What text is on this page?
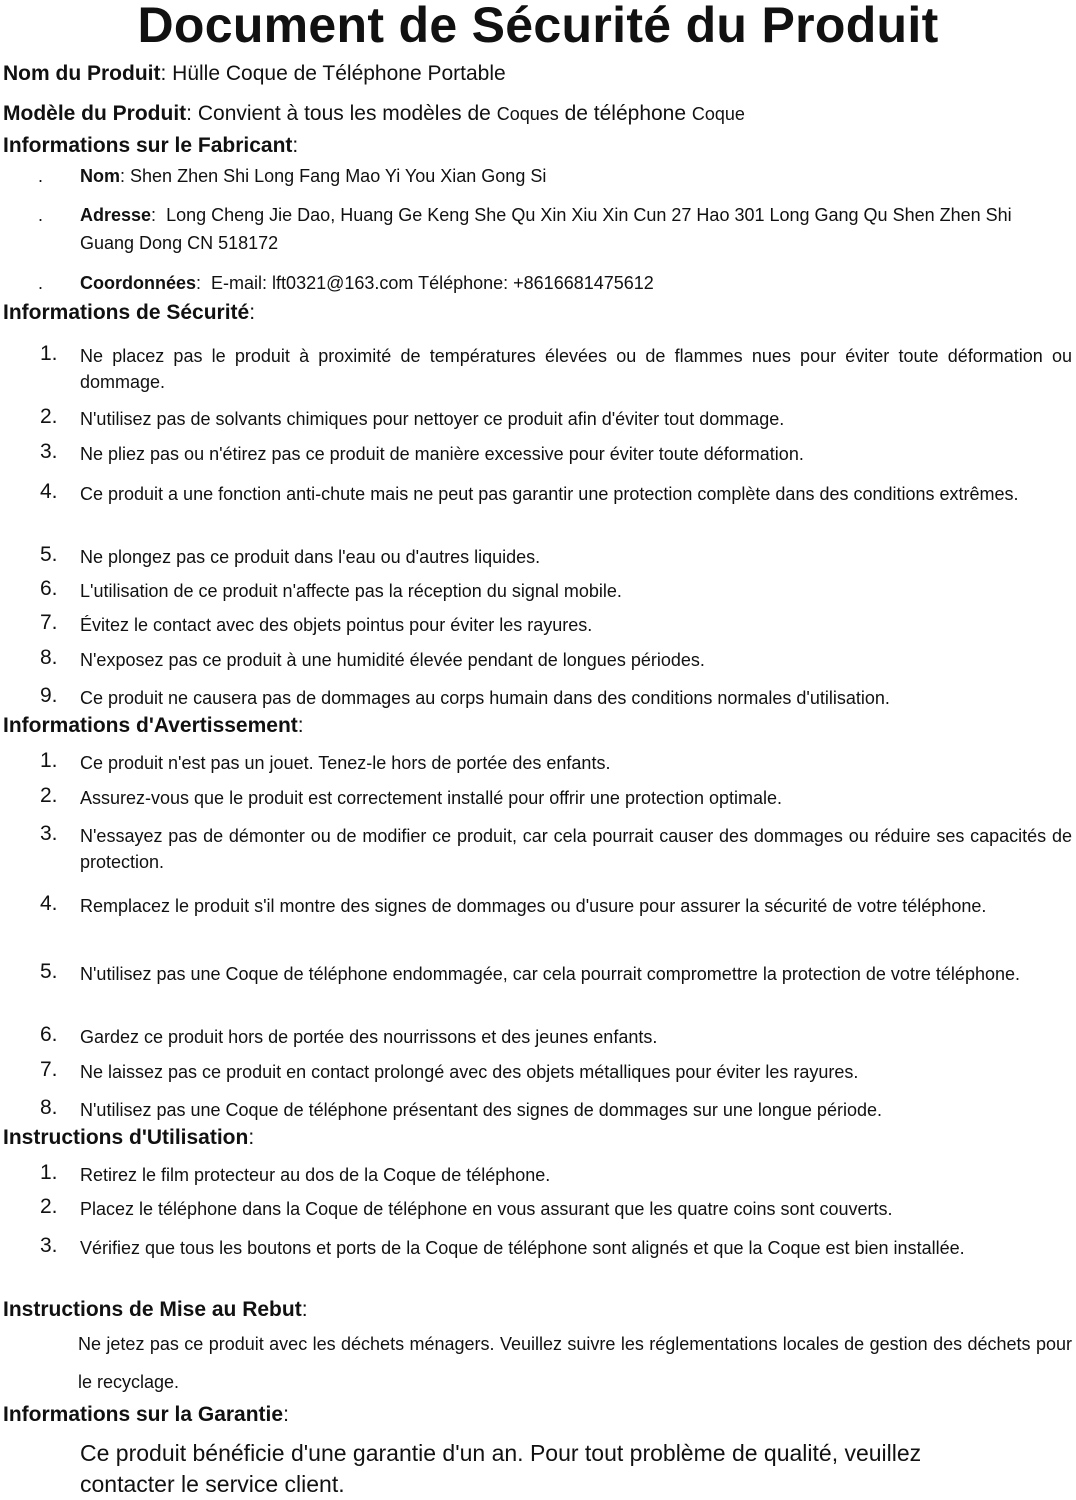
Document de Sécurité du Produit
Nom du Produit: Hülle Coque de Téléphone Portable
Modèle du Produit: Convient à tous les modèles de Coques de téléphone Coque
Informations sur le Fabricant:
. Nom: Shen Zhen Shi Long Fang Mao Yi You Xian Gong Si
. Adresse: Long Cheng Jie Dao, Huang Ge Keng She Qu Xin Xiu Xin Cun 27 Hao 301 Long Gang Qu Shen Zhen Shi Guang Dong CN 518172
. Coordonnées: E-mail: lft0321@163.com Téléphone: +8616681475612
Informations de Sécurité:
1. Ne placez pas le produit à proximité de températures élevées ou de flammes nues pour éviter toute déformation ou dommage.
2. N'utilisez pas de solvants chimiques pour nettoyer ce produit afin d'éviter tout dommage.
3. Ne pliez pas ou n'étirez pas ce produit de manière excessive pour éviter toute déformation.
4. Ce produit a une fonction anti-chute mais ne peut pas garantir une protection complète dans des conditions extrêmes.
5. Ne plongez pas ce produit dans l'eau ou d'autres liquides.
6. L'utilisation de ce produit n'affecte pas la réception du signal mobile.
7. Évitez le contact avec des objets pointus pour éviter les rayures.
8. N'exposez pas ce produit à une humidité élevée pendant de longues périodes.
9. Ce produit ne causera pas de dommages au corps humain dans des conditions normales d'utilisation.
Informations d'Avertissement:
1. Ce produit n'est pas un jouet. Tenez-le hors de portée des enfants.
2. Assurez-vous que le produit est correctement installé pour offrir une protection optimale.
3. N'essayez pas de démonter ou de modifier ce produit, car cela pourrait causer des dommages ou réduire ses capacités de protection.
4. Remplacez le produit s'il montre des signes de dommages ou d'usure pour assurer la sécurité de votre téléphone.
5. N'utilisez pas une Coque de téléphone endommagée, car cela pourrait compromettre la protection de votre téléphone.
6. Gardez ce produit hors de portée des nourrissons et des jeunes enfants.
7. Ne laissez pas ce produit en contact prolongé avec des objets métalliques pour éviter les rayures.
8. N'utilisez pas une Coque de téléphone présentant des signes de dommages sur une longue période.
Instructions d'Utilisation:
1. Retirez le film protecteur au dos de la Coque de téléphone.
2. Placez le téléphone dans la Coque de téléphone en vous assurant que les quatre coins sont couverts.
3. Vérifiez que tous les boutons et ports de la Coque de téléphone sont alignés et que la Coque est bien installée.
Instructions de Mise au Rebut:
Ne jetez pas ce produit avec les déchets ménagers. Veuillez suivre les réglementations locales de gestion des déchets pour le recyclage.
Informations sur la Garantie:
Ce produit bénéficie d'une garantie d'un an. Pour tout problème de qualité, veuillez contacter le service client.
